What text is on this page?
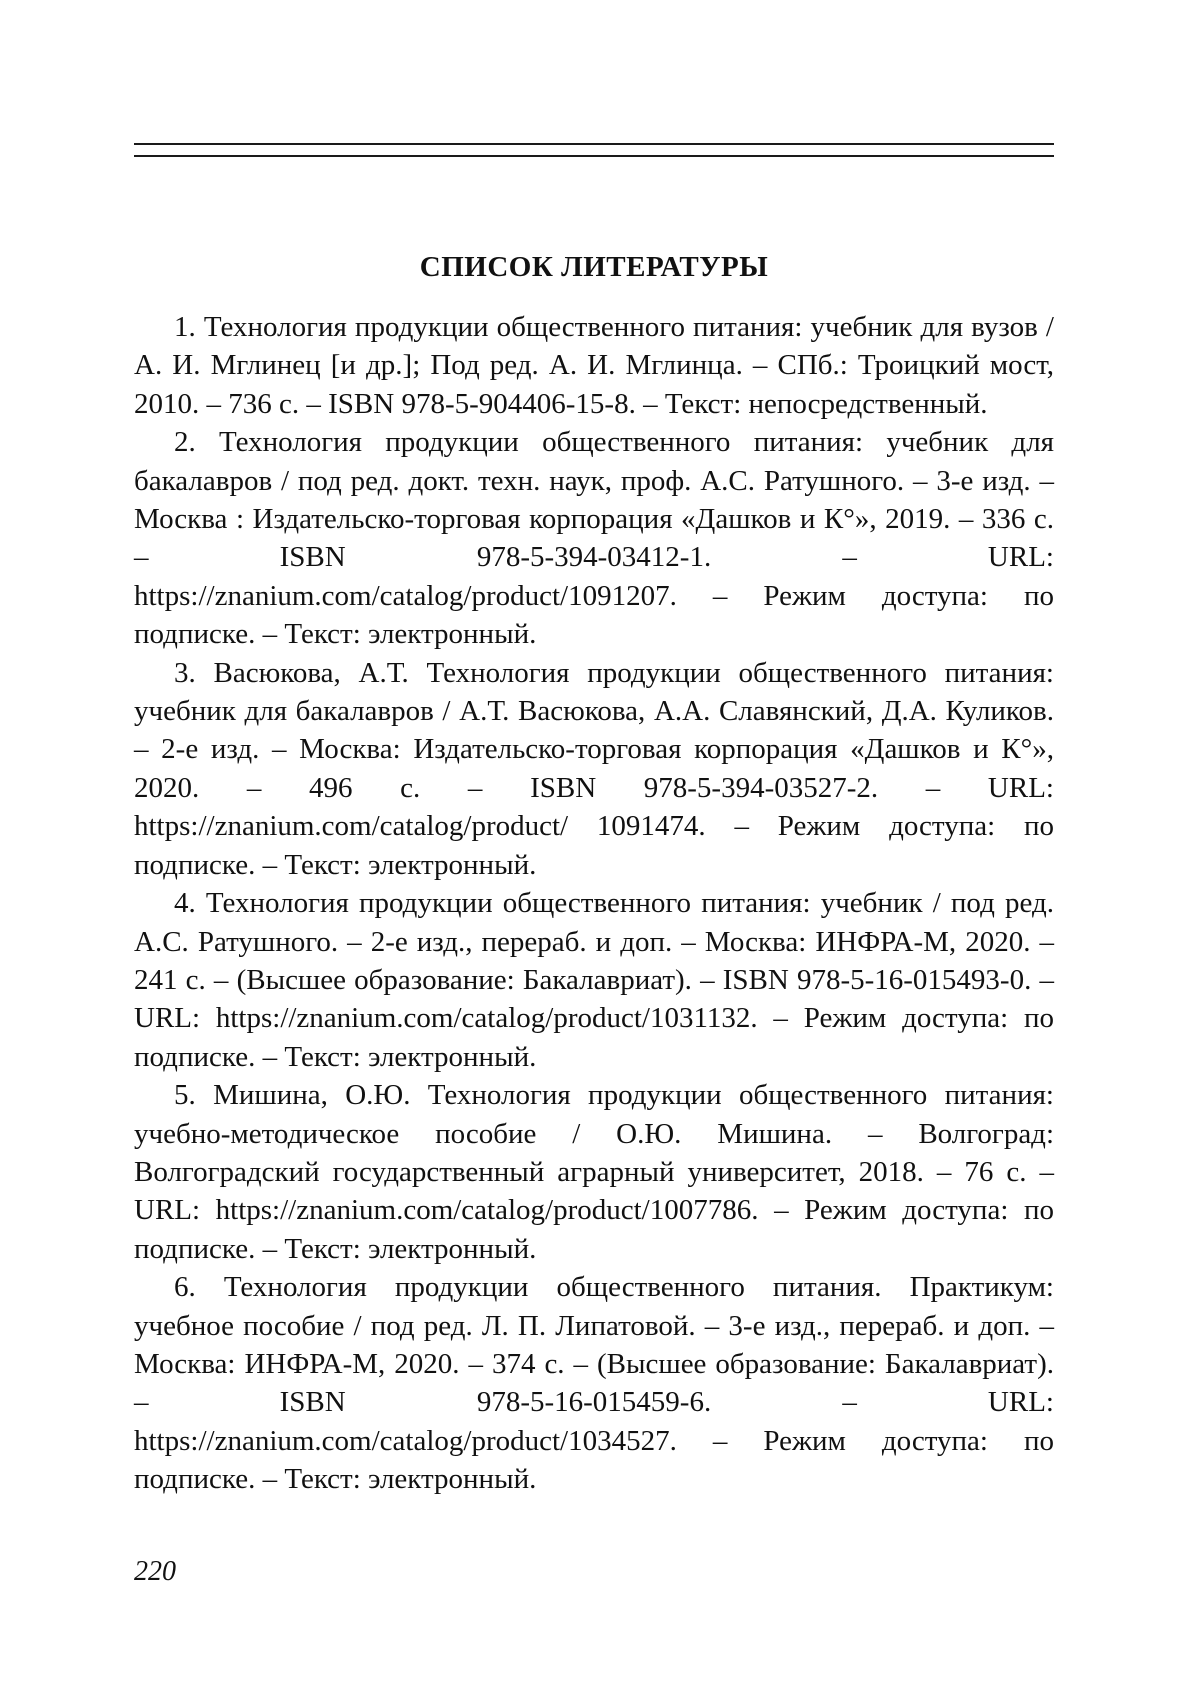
СПИСОК ЛИТЕРАТУРЫ

1. Технология продукции общественного питания: учебник для вузов / А. И. Мглинец [и др.]; Под ред. А. И. Мглинца. – СПб.: Троицкий мост, 2010. – 736 с. – ISBN 978-5-904406-15-8. – Текст: непосредственный.

2. Технология продукции общественного питания: учебник для бакалавров / под ред. докт. техн. наук, проф. А.С. Ратушного. – 3-е изд. – Москва : Издательско-торговая корпорация «Дашков и К°», 2019. – 336 с. – ISBN 978-5-394-03412-1. – URL: https://znanium.com/catalog/product/1091207. – Режим доступа: по подписке. – Текст: электронный.

3. Васюкова, А.Т. Технология продукции общественного питания: учебник для бакалавров / А.Т. Васюкова, А.А. Славянский, Д.А. Куликов. – 2-е изд. – Москва: Издательско-торговая корпорация «Дашков и К°», 2020. – 496 с. – ISBN 978-5-394-03527-2. – URL: https://znanium.com/catalog/product/ 1091474. – Режим доступа: по подписке. – Текст: электронный.

4. Технология продукции общественного питания: учебник / под ред. А.С. Ратушного. – 2-е изд., перераб. и доп. – Москва: ИНФРА-М, 2020. – 241 с. – (Высшее образование: Бакалавриат). – ISBN 978-5-16-015493-0. – URL: https://znanium.com/catalog/product/1031132. – Режим доступа: по подписке. – Текст: электронный.

5. Мишина, О.Ю. Технология продукции общественного питания: учебно-методическое пособие / О.Ю. Мишина. – Волгоград: Волгоградский государственный аграрный университет, 2018. – 76 с. – URL: https://znanium.com/catalog/product/1007786. – Режим доступа: по подписке. – Текст: электронный.

6. Технология продукции общественного питания. Практикум: учебное пособие / под ред. Л. П. Липатовой. – 3-е изд., перераб. и доп. – Москва: ИНФРА-М, 2020. – 374 с. – (Высшее образование: Бакалавриат). – ISBN 978-5-16-015459-6. – URL: https://znanium.com/catalog/product/1034527. – Режим доступа: по подписке. – Текст: электронный.

220
